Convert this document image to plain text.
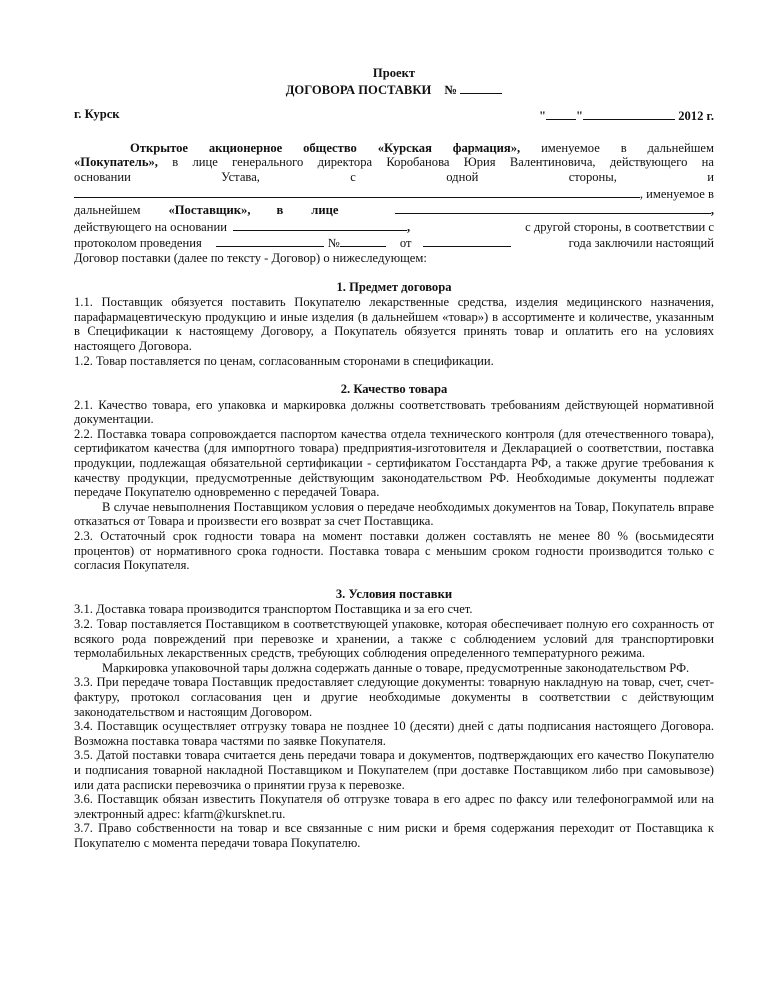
Проект
ДОГОВОРА ПОСТАВКИ №
г. Курск	" "	2012 г.

Открытое акционерное общество «Курская фармация», именуемое в дальнейшем

«Покупатель», в лице генерального директора Коробанова Юрия Валентиновича, действующего на

основании Устава, с одной стороны, и

, именуемое в
дальнейшем «Поставщик», в лице	,
действующего на основании	,	с другой стороны, в соответствии с
протоколом проведения	№	от	года заключили настоящий

Договор поставки (далее по тексту - Договор) о нижеследующем:

1. Предмет договора

1.1. Поставщик обязуется поставить Покупателю лекарственные средства, изделия медицинского назначения, парафармацевтическую продукцию и иные изделия (в дальнейшем «товар») в ассортименте и количестве, указанным в Спецификации к настоящему Договору, а Покупатель обязуется принять товар и оплатить его на условиях настоящего Договора.

1.2. Товар поставляется по ценам, согласованным сторонами в спецификации.

2. Качество товара

2.1. Качество товара, его упаковка и маркировка должны соответствовать требованиям действующей нормативной документации.

2.2. Поставка товара сопровождается паспортом качества отдела технического контроля (для отечественного товара), сертификатом качества (для импортного товара) предприятия-изготовителя и Декларацией о соответствии, поставка продукции, подлежащая обязательной сертификации - сертификатом Госстандарта РФ, а также другие требования к качеству продукции, предусмотренные действующим законодательством РФ. Необходимые документы подлежат передаче Покупателю одновременно с передачей Товара.

В случае невыполнения Поставщиком условия о передаче необходимых документов на Товар, Покупатель вправе отказаться от Товара и произвести его возврат за счет Поставщика.

2.3. Остаточный срок годности товара на момент поставки должен составлять не менее 80 % (восьмидесяти процентов) от нормативного срока годности. Поставка товара с меньшим сроком годности производится только с согласия Покупателя.

3. Условия поставки

3.1. Доставка товара производится транспортом Поставщика и за его счет.

3.2. Товар поставляется Поставщиком в соответствующей упаковке, которая обеспечивает полную его сохранность от всякого рода повреждений при перевозке и хранении, а также с соблюдением условий для транспортировки термолабильных лекарственных средств, требующих соблюдения определенного температурного режима.

Маркировка упаковочной тары должна содержать данные о товаре, предусмотренные законодательством РФ.

3.3. При передаче товара Поставщик предоставляет следующие документы: товарную накладную на товар, счет, счет-фактуру, протокол согласования цен и другие необходимые документы в соответствии с действующим законодательством и настоящим Договором.

3.4. Поставщик осуществляет отгрузку товара не позднее 10 (десяти) дней с даты подписания настоящего Договора. Возможна поставка товара частями по заявке Покупателя.

3.5. Датой поставки товара считается день передачи товара и документов, подтверждающих его качество Покупателю и подписания товарной накладной Поставщиком и Покупателем (при доставке Поставщиком либо при самовывозе) или дата расписки перевозчика о принятии груза к перевозке.

3.6. Поставщик обязан известить Покупателя об отгрузке товара в его адрес по факсу или телефонограммой или на электронный адрес: kfarm@kursknet.ru.

3.7. Право собственности на товар и все связанные с ним риски и бремя содержания переходит от Поставщика к Покупателю с момента передачи товара Покупателю.
